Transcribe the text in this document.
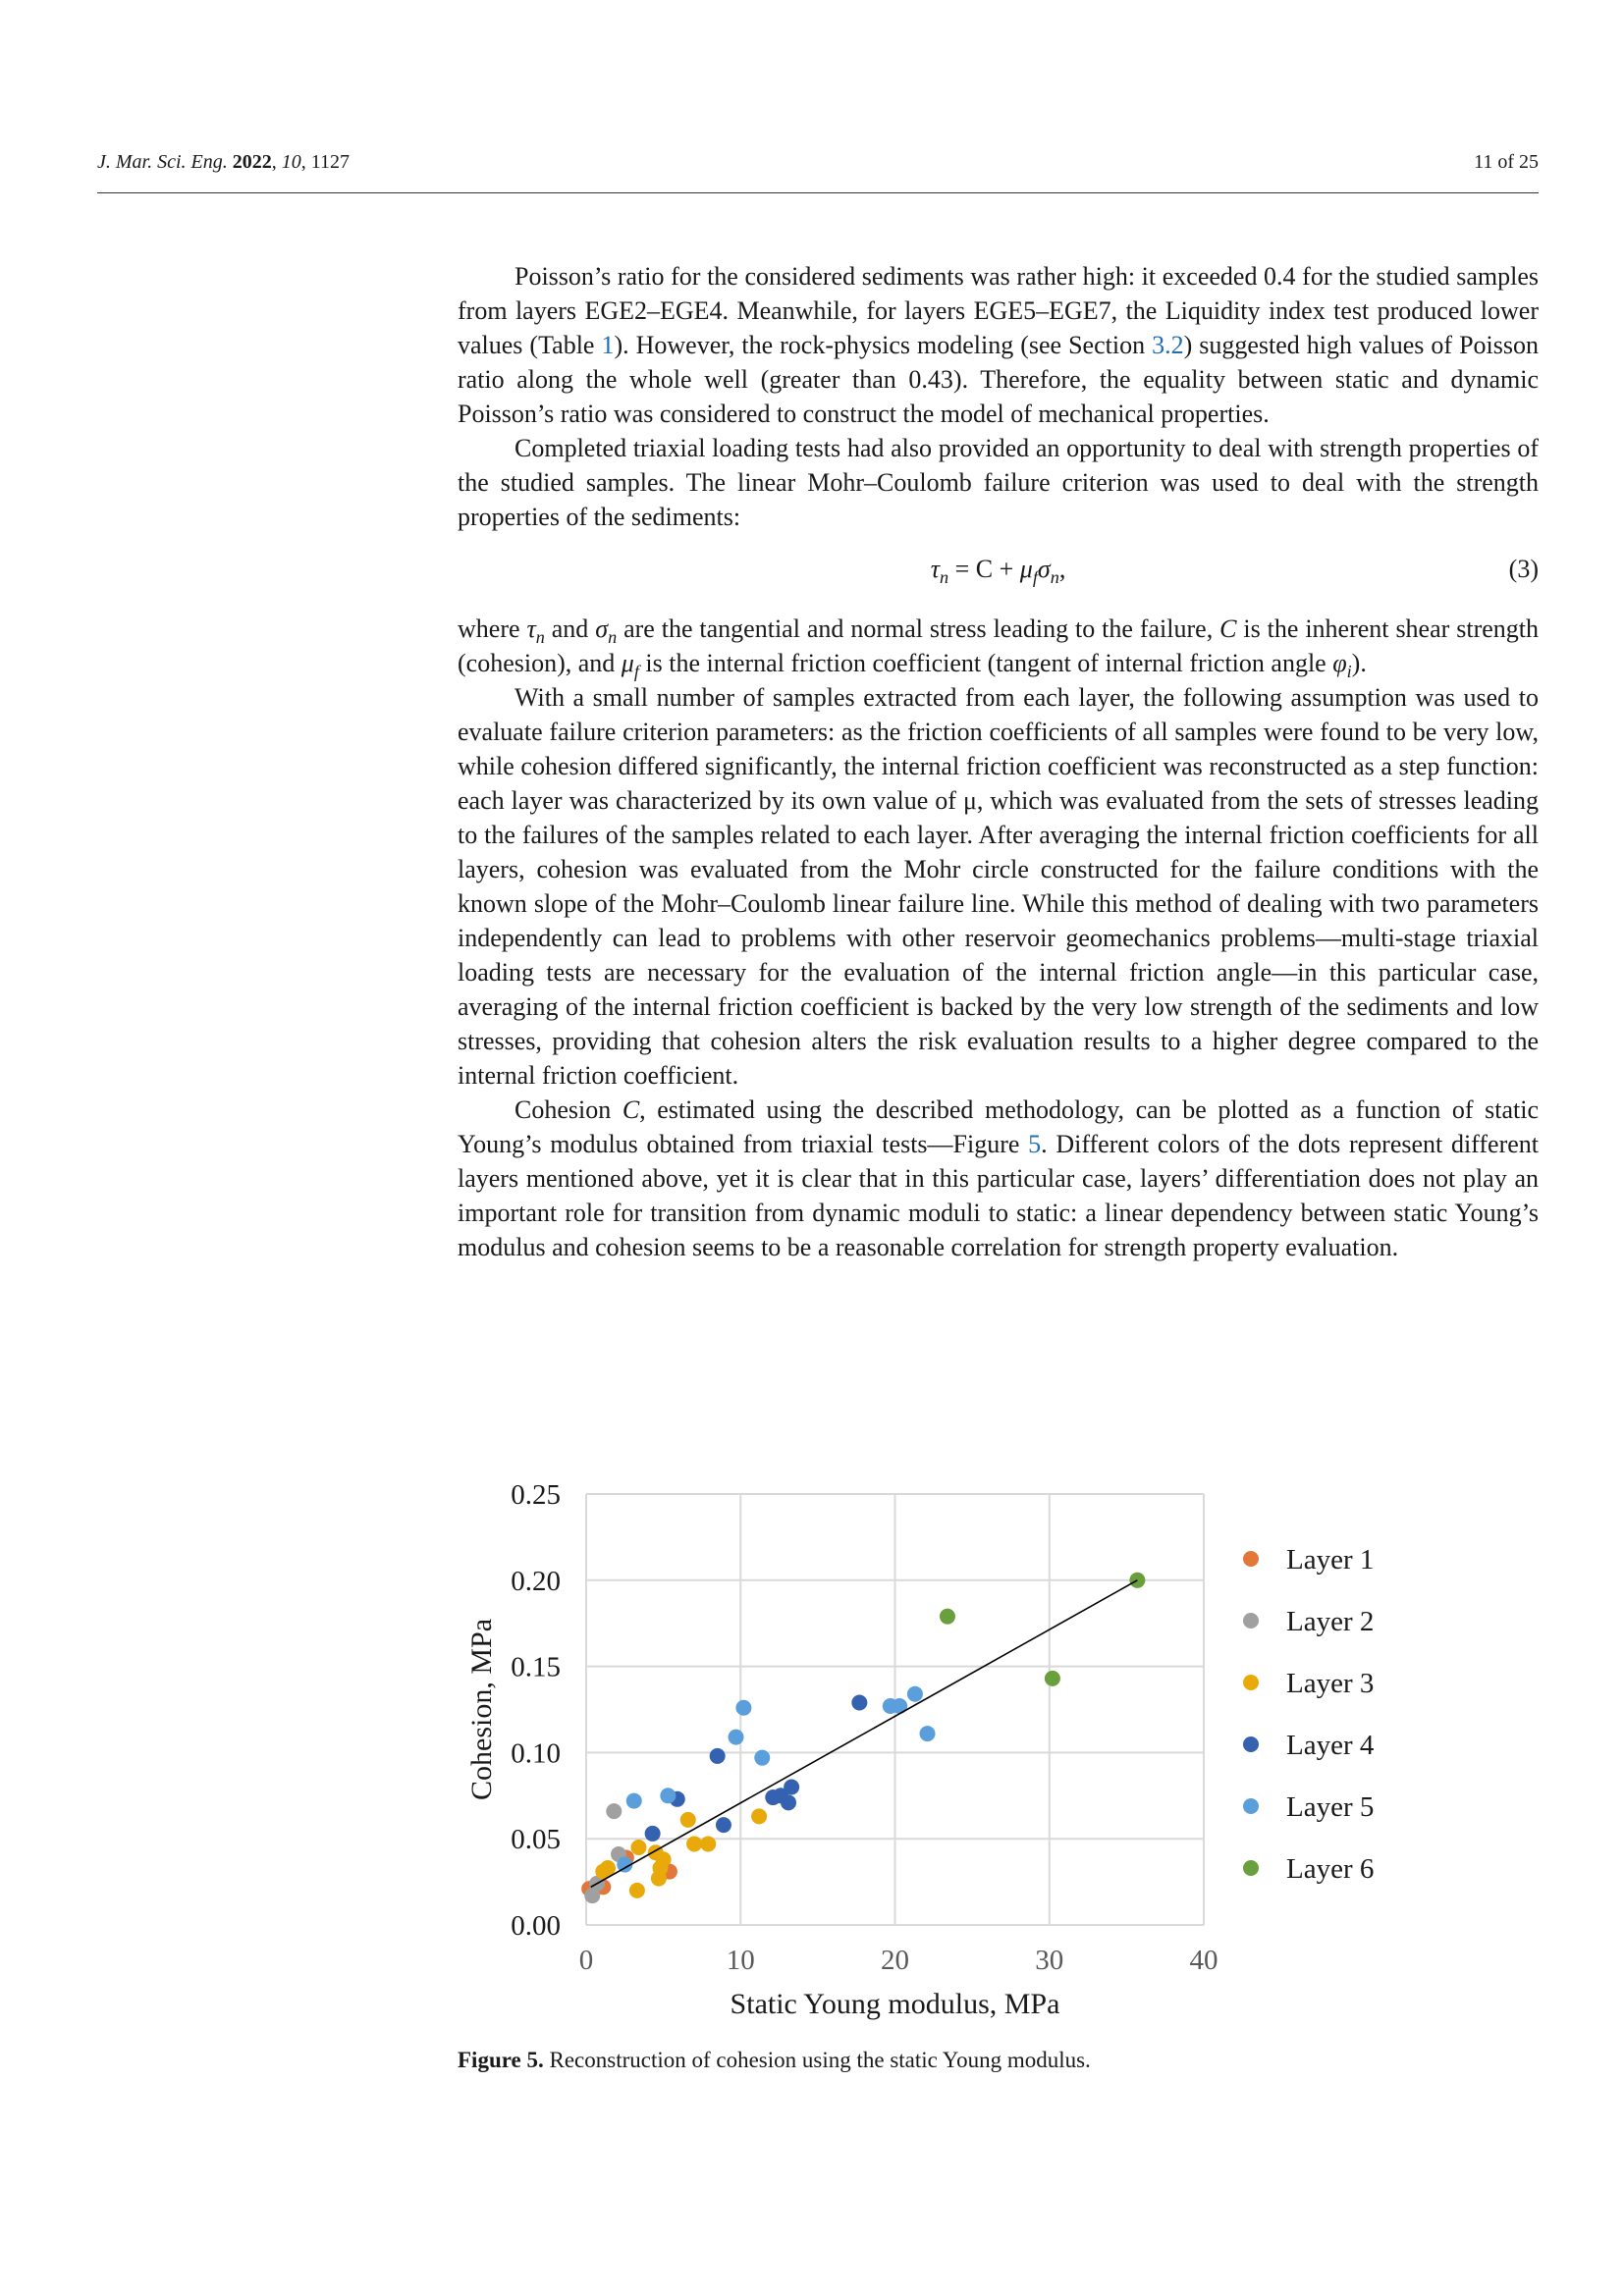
J. Mar. Sci. Eng. 2022, 10, 1127	11 of 25

Poisson’s ratio for the considered sediments was rather high: it exceeded 0.4 for the studied samples from layers EGE2–EGE4. Meanwhile, for layers EGE5–EGE7, the Liquidity index test produced lower values (Table 1). However, the rock-physics modeling (see Section 3.2) suggested high values of Poisson ratio along the whole well (greater than 0.43). Therefore, the equality between static and dynamic Poisson’s ratio was considered to construct the model of mechanical properties.

Completed triaxial loading tests had also provided an opportunity to deal with strength properties of the studied samples. The linear Mohr–Coulomb failure criterion was used to deal with the strength properties of the sediments:

$\tau_n = C + \mu_f\sigma_n$,	(3)

where $\tau_n$ and $\sigma_n$ are the tangential and normal stress leading to the failure, C is the inherent shear strength (cohesion), and $\mu_f$ is the internal friction coefficient (tangent of internal friction angle $\varphi_i$).

With a small number of samples extracted from each layer, the following assumption was used to evaluate failure criterion parameters: as the friction coefficients of all samples were found to be very low, while cohesion differed significantly, the internal friction coefficient was reconstructed as a step function: each layer was characterized by its own value of μ, which was evaluated from the sets of stresses leading to the failures of the samples related to each layer. After averaging the internal friction coefficients for all layers, cohesion was evaluated from the Mohr circle constructed for the failure conditions with the known slope of the Mohr–Coulomb linear failure line. While this method of dealing with two parameters independently can lead to problems with other reservoir geomechanics problems—multi-stage triaxial loading tests are necessary for the evaluation of the internal friction angle—in this particular case, averaging of the internal friction coefficient is backed by the very low strength of the sediments and low stresses, providing that cohesion alters the risk evaluation results to a higher degree compared to the internal friction coefficient.

Cohesion C, estimated using the described methodology, can be plotted as a function of static Young’s modulus obtained from triaxial tests—Figure 5. Different colors of the dots represent different layers mentioned above, yet it is clear that in this particular case, layers’ differentiation does not play an important role for transition from dynamic moduli to static: a linear dependency between static Young’s modulus and cohesion seems to be a reasonable correlation for strength property evaluation.

0	10	20	30	40
0.00
0.05
0.10
0.15
0.20
0.25
Static Young modulus, MPa
Cohesion, MPa
Layer 1
Layer 2
Layer 3
Layer 4
Layer 5
Layer 6
Figure 5. Reconstruction of cohesion using the static Young modulus.
